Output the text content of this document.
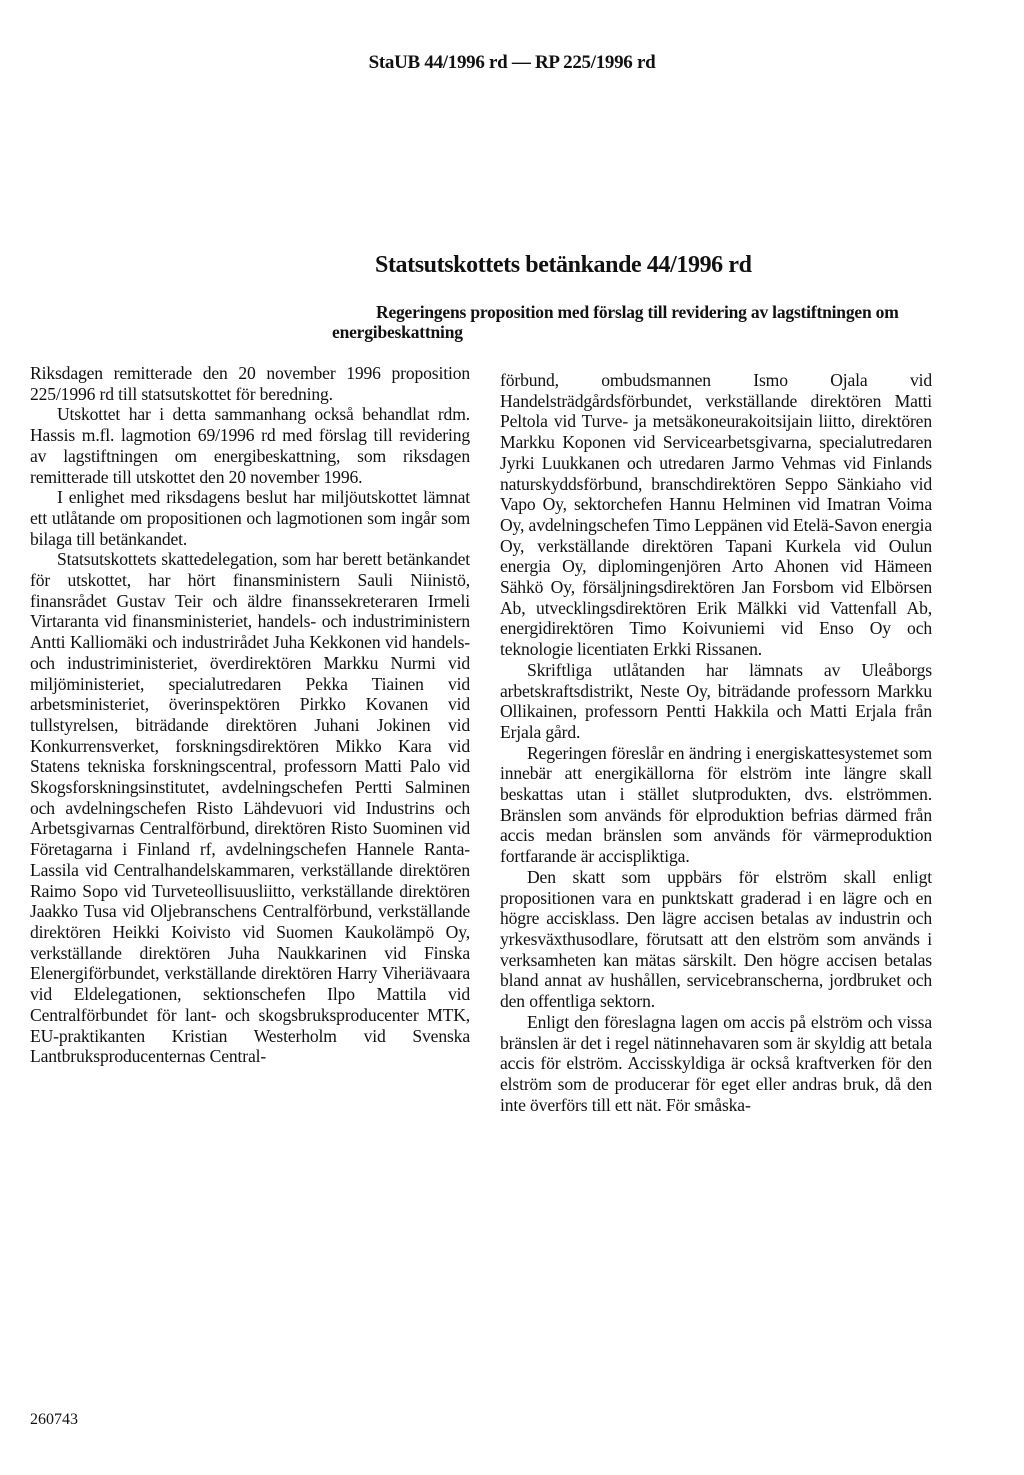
StaUB 44/1996 rd — RP 225/1996 rd
Statsutskottets betänkande 44/1996 rd
Regeringens proposition med förslag till revidering av lagstiftningen om energibeskattning

Riksdagen remitterade den 20 november 1996 proposition 225/1996 rd till statsutskottet för beredning.

Utskottet har i detta sammanhang också behandlat rdm. Hassis m.fl. lagmotion 69/1996 rd med förslag till revidering av lagstiftningen om energibeskattning, som riksdagen remitterade till utskottet den 20 november 1996.

I enlighet med riksdagens beslut har miljöutskottet lämnat ett utlåtande om propositionen och lagmotionen som ingår som bilaga till betänkandet.

Statsutskottets skattedelegation, som har berett betänkandet för utskottet, har hört finansministern Sauli Niinistö, finansrådet Gustav Teir och äldre finanssekreteraren Irmeli Virtaranta vid finansministeriet, handels- och industriministern Antti Kalliomäki och industrirådet Juha Kekkonen vid handels- och industriministeriet, överdirektören Markku Nurmi vid miljöministeriet, specialutredaren Pekka Tiainen vid arbetsministeriet, överinspektören Pirkko Kovanen vid tullstyrelsen, biträdande direktören Juhani Jokinen vid Konkurrensverket, forskningsdirektören Mikko Kara vid Statens tekniska forskningscentral, professorn Matti Palo vid Skogsforskningsinstitutet, avdelningschefen Pertti Salminen och avdelningschefen Risto Lähdevuori vid Industrins och Arbetsgivarnas Centralförbund, direktören Risto Suominen vid Företagarna i Finland rf, avdelningschefen Hannele Ranta-Lassila vid Centralhandelskammaren, verkställande direktören Raimo Sopo vid Turveteollisuusliitto, verkställande direktören Jaakko Tusa vid Oljebranschens Centralförbund, verkställande direktören Heikki Koivisto vid Suomen Kaukolämpö Oy, verkställande direktören Juha Naukkarinen vid Finska Elenergiförbundet, verkställande direktören Harry Viheriävaara vid Eldelegationen, sektionschefen Ilpo Mattila vid Centralförbundet för lant- och skogsbruksproducenter MTK, EU-praktikanten Kristian Westerholm vid Svenska Lantbruksproducenternas Central-

förbund, ombudsmannen Ismo Ojala vid Handelsträdgårdsförbundet, verkställande direktören Matti Peltola vid Turve- ja metsäkoneurakoitsijain liitto, direktören Markku Koponen vid Servicearbetsgivarna, specialutredaren Jyrki Luukkanen och utredaren Jarmo Vehmas vid Finlands naturskyddsförbund, branschdirektören Seppo Sänkiaho vid Vapo Oy, sektorchefen Hannu Helminen vid Imatran Voima Oy, avdelningschefen Timo Leppänen vid Etelä-Savon energia Oy, verkställande direktören Tapani Kurkela vid Oulun energia Oy, diplomingenjören Arto Ahonen vid Hämeen Sähkö Oy, försäljningsdirektören Jan Forsbom vid Elbörsen Ab, utvecklingsdirektören Erik Mälkki vid Vattenfall Ab, energidirektören Timo Koivuniemi vid Enso Oy och teknologie licentiaten Erkki Rissanen.

Skriftliga utlåtanden har lämnats av Uleåborgs arbetskraftsdistrikt, Neste Oy, biträdande professorn Markku Ollikainen, professorn Pentti Hakkila och Matti Erjala från Erjala gård.

Regeringen föreslår en ändring i energiskattesystemet som innebär att energikällorna för elström inte längre skall beskattas utan i stället slutprodukten, dvs. elströmmen. Bränslen som används för elproduktion befrias därmed från accis medan bränslen som används för värmeproduktion fortfarande är accispliktiga.

Den skatt som uppbärs för elström skall enligt propositionen vara en punktskatt graderad i en lägre och en högre accisklass. Den lägre accisen betalas av industrin och yrkesväxthusodlare, förutsatt att den elström som används i verksamheten kan mätas särskilt. Den högre accisen betalas bland annat av hushållen, servicebranscherna, jordbruket och den offentliga sektorn.

Enligt den föreslagna lagen om accis på elström och vissa bränslen är det i regel nätinnehavaren som är skyldig att betala accis för elström. Accisskyldiga är också kraftverken för den elström som de producerar för eget eller andras bruk, då den inte överförs till ett nät. För småska-

260743
